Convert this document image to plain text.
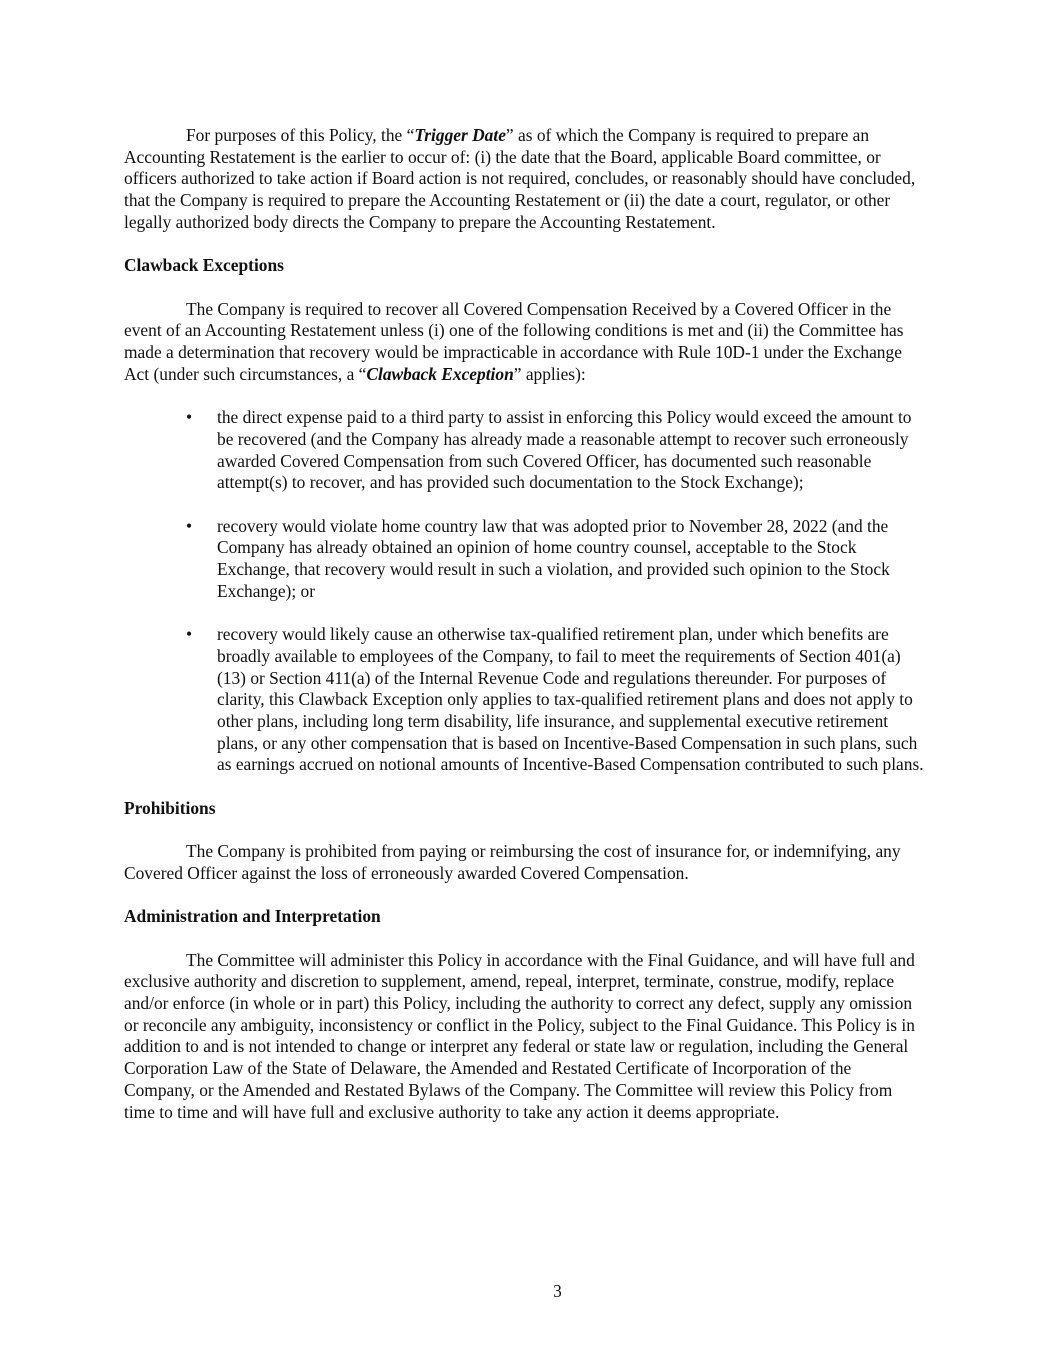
For purposes of this Policy, the “Trigger Date” as of which the Company is required to prepare an Accounting Restatement is the earlier to occur of: (i) the date that the Board, applicable Board committee, or officers authorized to take action if Board action is not required, concludes, or reasonably should have concluded, that the Company is required to prepare the Accounting Restatement or (ii) the date a court, regulator, or other legally authorized body directs the Company to prepare the Accounting Restatement.

Clawback Exceptions

The Company is required to recover all Covered Compensation Received by a Covered Officer in the event of an Accounting Restatement unless (i) one of the following conditions is met and (ii) the Committee has made a determination that recovery would be impracticable in accordance with Rule 10D-1 under the Exchange Act (under such circumstances, a “Clawback Exception” applies):

• the direct expense paid to a third party to assist in enforcing this Policy would exceed the amount to be recovered (and the Company has already made a reasonable attempt to recover such erroneously awarded Covered Compensation from such Covered Officer, has documented such reasonable attempt(s) to recover, and has provided such documentation to the Stock Exchange);
• recovery would violate home country law that was adopted prior to November 28, 2022 (and the Company has already obtained an opinion of home country counsel, acceptable to the Stock Exchange, that recovery would result in such a violation, and provided such opinion to the Stock Exchange); or
• recovery would likely cause an otherwise tax-qualified retirement plan, under which benefits are broadly available to employees of the Company, to fail to meet the requirements of Section 401(a)(13) or Section 411(a) of the Internal Revenue Code and regulations thereunder. For purposes of clarity, this Clawback Exception only applies to tax-qualified retirement plans and does not apply to other plans, including long term disability, life insurance, and supplemental executive retirement plans, or any other compensation that is based on Incentive-Based Compensation in such plans, such as earnings accrued on notional amounts of Incentive-Based Compensation contributed to such plans.
Prohibitions

The Company is prohibited from paying or reimbursing the cost of insurance for, or indemnifying, any Covered Officer against the loss of erroneously awarded Covered Compensation.

Administration and Interpretation

The Committee will administer this Policy in accordance with the Final Guidance, and will have full and exclusive authority and discretion to supplement, amend, repeal, interpret, terminate, construe, modify, replace and/or enforce (in whole or in part) this Policy, including the authority to correct any defect, supply any omission or reconcile any ambiguity, inconsistency or conflict in the Policy, subject to the Final Guidance. This Policy is in addition to and is not intended to change or interpret any federal or state law or regulation, including the General Corporation Law of the State of Delaware, the Amended and Restated Certificate of Incorporation of the Company, or the Amended and Restated Bylaws of the Company. The Committee will review this Policy from time to time and will have full and exclusive authority to take any action it deems appropriate.

3
